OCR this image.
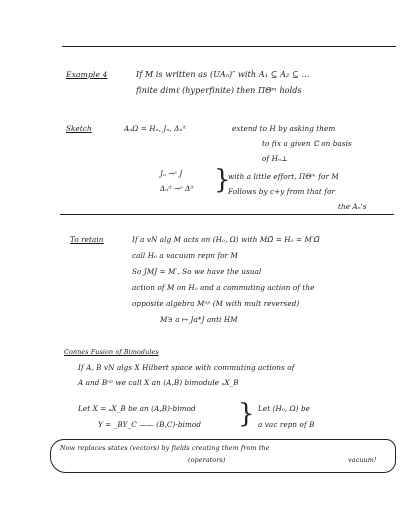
Example 4	If M is written as (UAₙ)″ with A₁ ⊆ A₂ ⊆ …
finite dimℓ (hyperfinite) then ΠΘᵐ holds
Sketch	AₙΩ = Hₙ, Jₙ, Δₙⁱᵗ	extend to H by asking them
to fix a given ℂ on basis
of Hₙ⊥
Jₙ →ˢ J
Δₙⁱᵗ →ˢ Δⁱᵗ }
with a little effort, ΠΘᵐ for M
Follows by c+y from that for
the Aₙ's
To retain	If a vN alg M acts on (H₀, Ω) with MΩ̅ = H₀ = M′Ω̅
call H₀ a vacuum repn for M
So JMJ = M′, So we have the usual
action of M on H₀ and a commuting action of the
opposite algebra Mᵒᵖ (M with mult reversed)
M∋ a ↦ Ja*J anti HM
Connes Fusion of Bimodules
If A, B vN algs X Hilbert space with commuting actions of
A and Bᵒᵖ we call X an (A,B) bimodule ₐX_B
Let X = ₐX_B be an (A,B)-bimod
Y = _BY_C —— (B,C)-bimod } Let (H₀, Ω) be
a vac repn of B
Now replaces states (vectors) by fields creating them from the
(operators)	vacuum!
